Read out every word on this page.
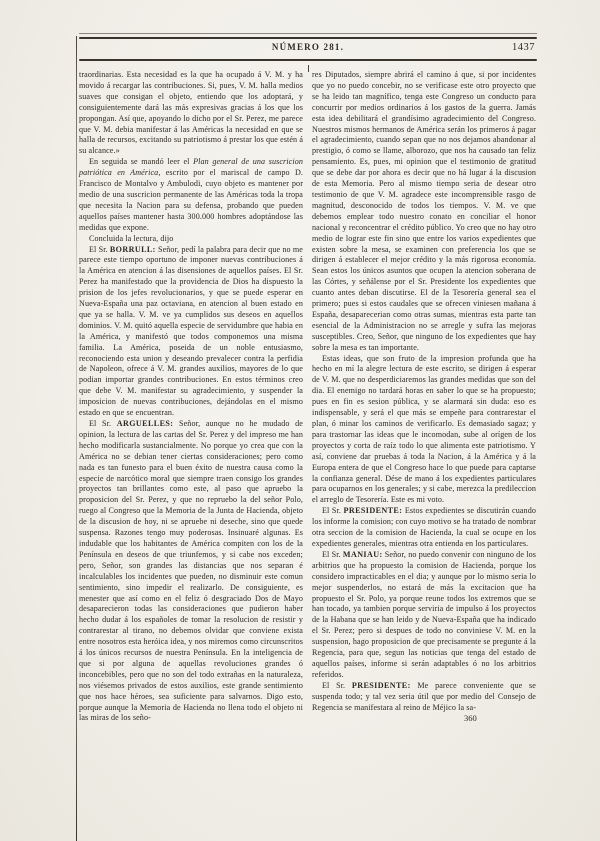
NÚMERO 281.	1437

traordinarias. Esta necesidad es la que ha ocupado á V. M. y ha movido á recargar las contribuciones. Si, pues, V. M. halla medios suaves que consigan el objeto, entiendo que los adoptará, y consiguientemente dará las más expresivas gracias á los que los propongan. Así que, apoyando lo dicho por el Sr. Perez, me parece que V. M. debia manifestar á las Américas la necesidad en que se halla de recursos, excitando su patriotismo á prestar los que estén á su alcance.»

En seguida se mandó leer el Plan general de una suscricion patriótica en América, escrito por el mariscal de campo D. Francisco de Montalvo y Ambulodi, cuyo objeto es mantener por medio de una suscricion permanente de las Américas toda la tropa que necesita la Nacion para su defensa, probando que pueden aquellos países mantener hasta 300.000 hombres adoptándose las medidas que expone.

Concluida la lectura, dijo

El Sr. BORRULL: Señor, pedí la palabra para decir que no me parece este tiempo oportuno de imponer nuevas contribuciones á la América en atencion á las disensiones de aquellos países. El Sr. Perez ha manifestado que la providencia de Dios ha dispuesto la prision de los jefes revolucionarios, y que se puede esperar en Nueva-España una paz octaviana, en atencion al buen estado en que ya se halla. V. M. ve ya cumplidos sus deseos en aquellos dominios. V. M. quitó aquella especie de servidumbre que habia en la América, y manifestó que todos componemos una misma familia. La América, poseida de un noble entusiasmo, reconociendo esta union y deseando prevalecer contra la perfidia de Napoleon, ofrece á V. M. grandes auxilios, mayores de lo que podian importar grandes contribuciones. En estos términos creo que debe V. M. manifestar su agradecimiento, y suspender la imposicion de nuevas contribuciones, dejándolas en el mismo estado en que se encuentran.

El Sr. ARGUELLES: Señor, aunque no he mudado de opinion, la lectura de las cartas del Sr. Perez y del impreso me han hecho modificarla sustancialmente. No porque yo crea que con la América no se debian tener ciertas consideraciones; pero como nada es tan funesto para el buen éxito de nuestra causa como la especie de narcótico moral que siempre traen consigo los grandes proyectos tan brillantes como este, al paso que apruebo la proposicion del Sr. Perez, y que no repruebo la del señor Polo, ruego al Congreso que la Memoria de la Junta de Hacienda, objeto de la discusion de hoy, ni se apruebe ni deseche, sino que quede suspensa. Razones tengo muy poderosas. Insinuaré algunas. Es indudable que los habitantes de América compiten con los de la Península en deseos de que triunfemos, y si cabe nos exceden; pero, Señor, son grandes las distancias que nos separan é incalculables los incidentes que pueden, no disminuir este comun sentimiento, sino impedir el realizarlo. De consiguiente, es menester que así como en el feliz ó desgraciado Dos de Mayo desaparecieron todas las consideraciones que pudieron haber hecho dudar á los españoles de tomar la resolucion de resistir y contrarestar al tirano, no debemos olvidar que conviene exista entre nosotros esta heróica idea, y nos miremos como circunscritos á los únicos recursos de nuestra Península. En la inteligencia de que si por alguna de aquellas revoluciones grandes ó inconcebibles, pero que no son del todo extrañas en la naturaleza, nos viésemos privados de estos auxilios, este grande sentimiento que nos hace héroes, sea suficiente para salvarnos. Digo esto, porque aunque la Memoria de Hacienda no llena todo el objeto ni las miras de los seño-

res Diputados, siempre abrirá el camino á que, si por incidentes que yo no puedo concebir, no se verificase este otro proyecto que se ha leido tan magnífico, tenga este Congreso un conducto para concurrir por medios ordinarios á los gastos de la guerra. Jamás esta idea debilitará el grandísimo agradecimiento del Congreso. Nuestros mismos hermanos de América serán los primeros á pagar el agradecimiento, cuando sepan que no nos dejamos abandonar al prestigio, ó como se llame, alborozo, que nos ha causado tan feliz pensamiento. Es, pues, mi opinion que el testimonio de gratitud que se debe dar por ahora es decir que no há lugar á la discusion de esta Memoria. Pero al mismo tiempo seria de desear otro testimonio de que V. M. agradece este incomprensible rasgo de magnitud, desconocido de todos los tiempos. V. M. ve que debemos emplear todo nuestro conato en conciliar el honor nacional y reconcentrar el crédito público. Yo creo que no hay otro medio de lograr este fin sino que entre los varios expedientes que existen sobre la mesa, se examinen con preferencia los que se dirigen á establecer el mejor crédito y la más rigorosa economía. Sean estos los únicos asuntos que ocupen la atencion soberana de las Córtes, y señálense por el Sr. Presidente los expedientes que cuanto antes deban discutirse. El de la Tesorería general sea el primero; pues si estos caudales que se ofrecen viniesen mañana á España, desaparecerian como otras sumas, mientras esta parte tan esencial de la Administracion no se arregle y sufra las mejoras susceptibles. Creo, Señor, que ninguno de los expedientes que hay sobre la mesa es tan importante.

Estas ideas, que son fruto de la impresion profunda que ha hecho en mí la alegre lectura de este escrito, se dirigen á esperar de V. M. que no desperdiciaremos las grandes medidas que son del dia. El enemigo no tardará horas en saber lo que se ha propuesto; pues en fin es sesion pública, y se alarmará sin duda: eso es indispensable, y será el que más se empeñe para contrarestar el plan, ó minar los caminos de verificarlo. Es demasiado sagaz; y para trastornar las ideas que le incomodan, sube al orígen de los proyectos y corta de raíz todo lo que alimenta este patriotismo. Y así, conviene dar pruebas á toda la Nacion, á la América y á la Europa entera de que el Congreso hace lo que puede para captarse la confianza general. Dése de mano á los expedientes particulares para ocuparnos en los generales; y si cabe, merezca la predileccion el arreglo de Tesorería. Este es mi voto.

El Sr. PRESIDENTE: Estos expedientes se discutirán cuando los informe la comision; con cuyo motivo se ha tratado de nombrar otra seccion de la comision de Hacienda, la cual se ocupe en los expedientes generales, mientras otra entienda en los particulares.

El Sr. MANIAU: Señor, no puedo convenir con ninguno de los arbitrios que ha propuesto la comision de Hacienda, porque los considero impracticables en el dia; y aunque por lo mismo seria lo mejor suspenderlos, no estará de más la excitacion que ha propuesto el Sr. Polo, ya porque reune todos los extremos que se han tocado, ya tambien porque serviria de impulso á los proyectos de la Habana que se han leido y de Nueva-España que ha indicado el Sr. Perez; pero si despues de todo no conviniese V. M. en la suspension, hago proposicion de que precisamente se pregunte á la Regencia, para que, segun las noticias que tenga del estado de aquellos países, informe si serán adaptables ó no los arbitrios referidos.

El Sr. PRESIDENTE: Me parece conveniente que se suspenda todo; y tal vez seria útil que por medio del Consejo de Regencia se manifestara al reino de Méjico la sa-

360
